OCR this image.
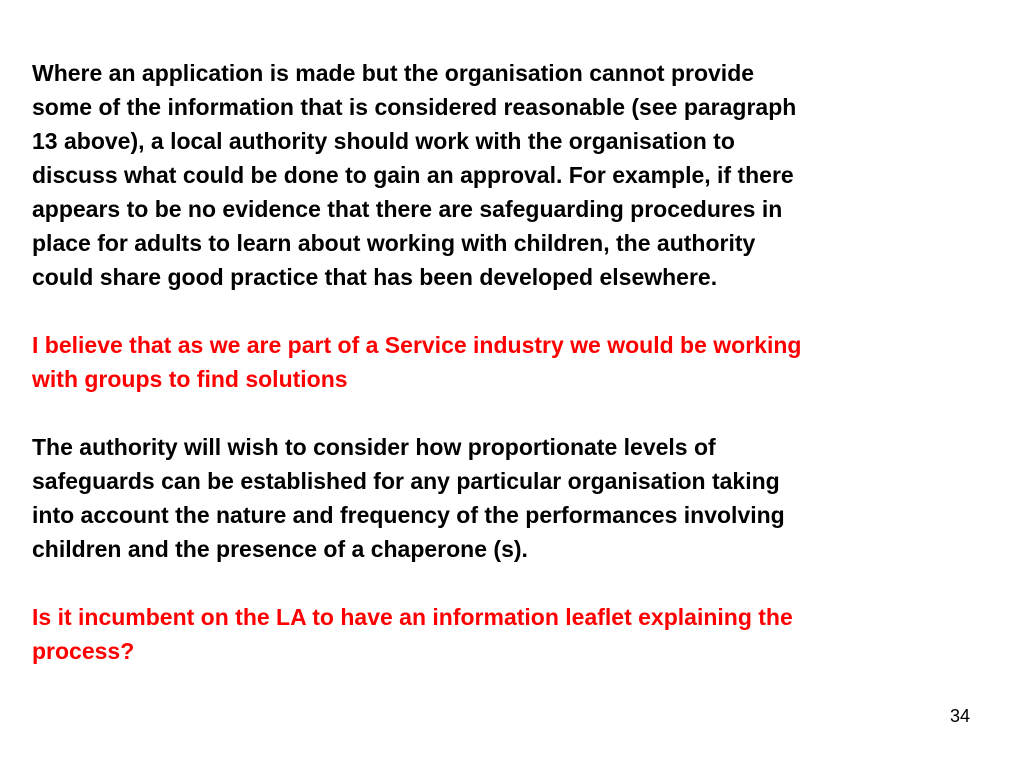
Where an application is made but the organisation cannot provide
some of the information that is considered reasonable (see paragraph
13 above), a local authority should work with the organisation to
discuss what could be done to gain an approval. For example, if there
appears to be no evidence that there are safeguarding procedures in
place for adults to learn about working with children, the authority
could share good practice that has been developed elsewhere.

I believe that as we are part of a Service industry we would be working
with groups to find solutions

The authority will wish to consider how proportionate levels of
safeguards can be established for any particular organisation taking
into account the nature and frequency of the performances involving
children and the presence of a chaperone (s).

Is it incumbent on the LA to have an information leaflet explaining the
process?

34
